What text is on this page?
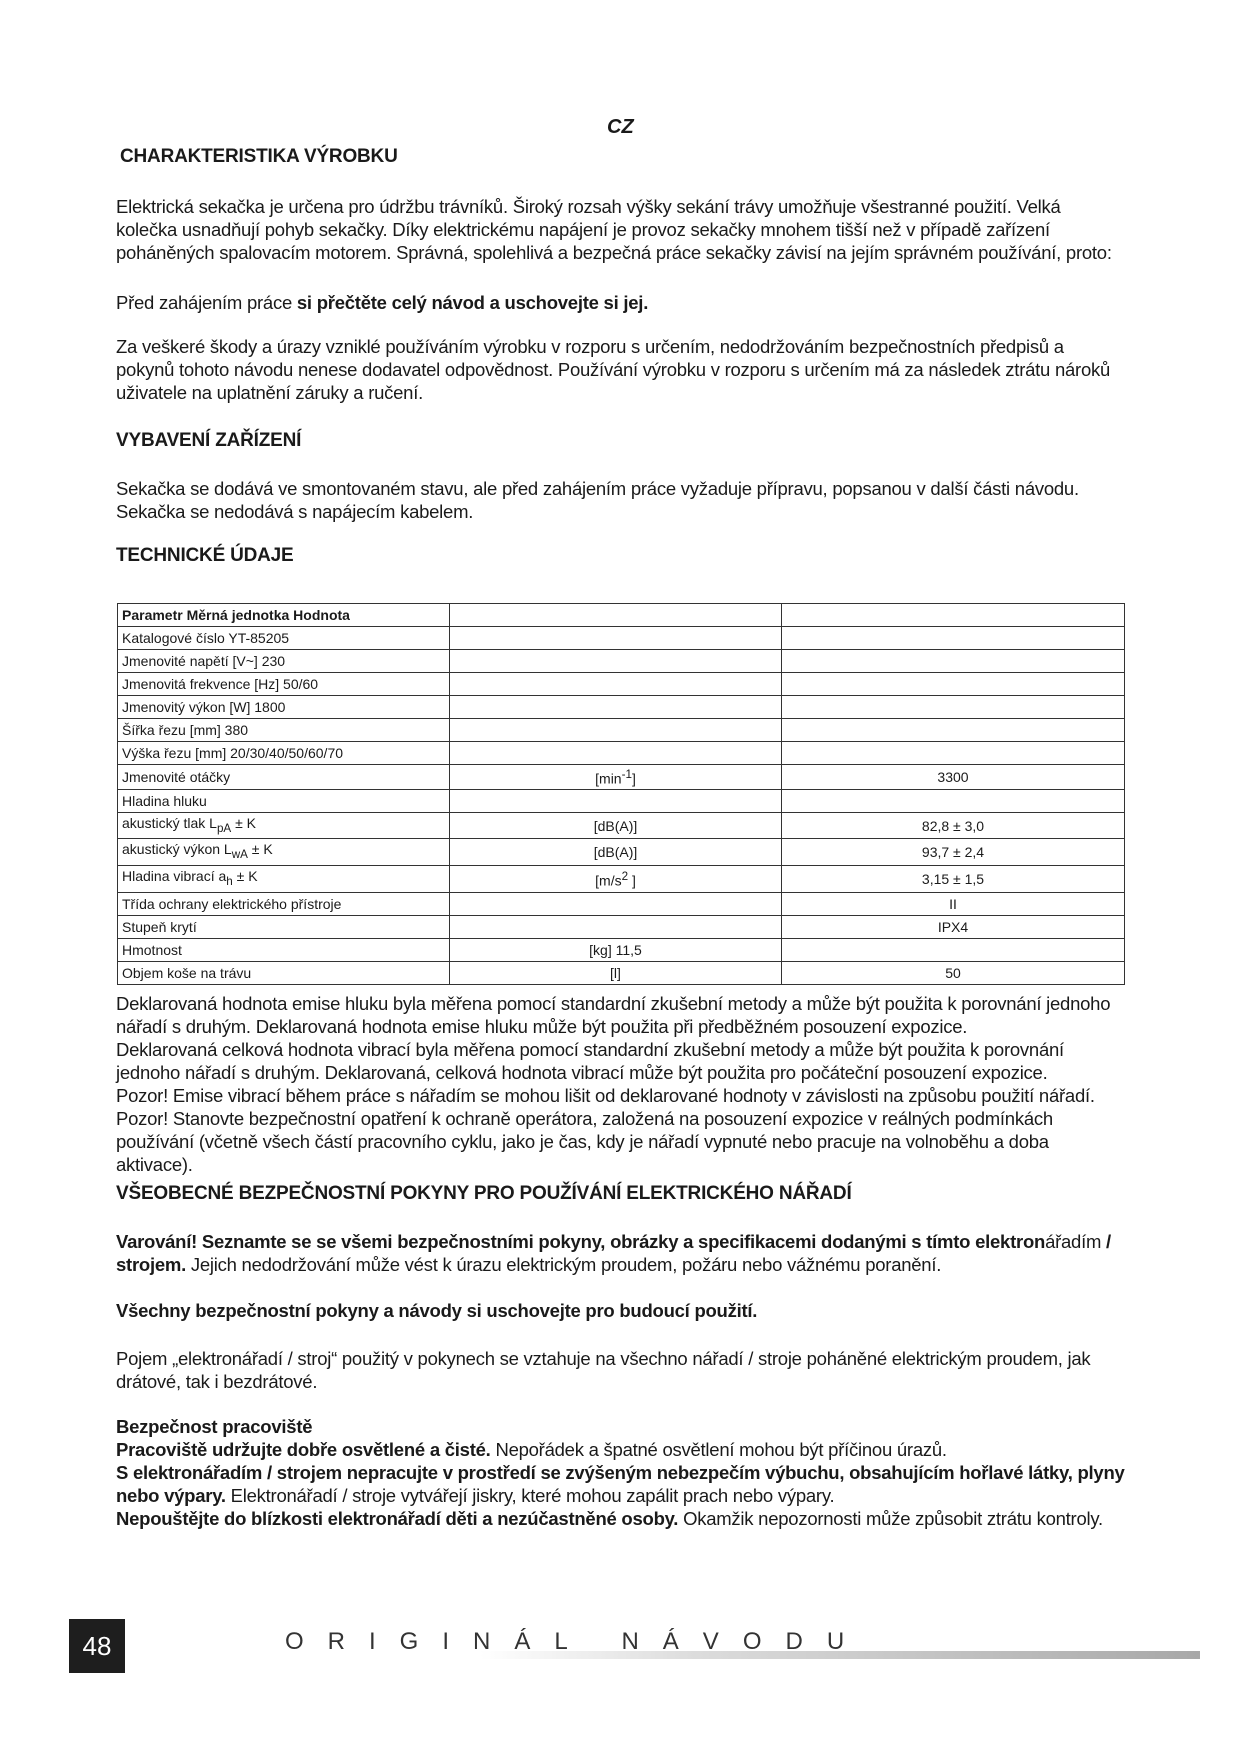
CZ
CHARAKTERISTIKA VÝROBKU
Elektrická sekačka je určena pro údržbu trávníků. Široký rozsah výšky sekání trávy umožňuje všestranné použití. Velká kolečka usnadňují pohyb sekačky. Díky elektrickému napájení je provoz sekačky mnohem tišší než v případě zařízení poháněných spalovacím motorem. Správná, spolehlivá a bezpečná práce sekačky závisí na jejím správném používání, proto:
Před zahájením práce si přečtěte celý návod a uschovejte si jej.
Za veškeré škody a úrazy vzniklé používáním výrobku v rozporu s určením, nedodržováním bezpečnostních předpisů a pokynů tohoto návodu nenese dodavatel odpovědnost. Používání výrobku v rozporu s určením má za následek ztrátu nároků uživatele na uplatnění záruky a ručení.
VYBAVENÍ ZAŘÍZENÍ
Sekačka se dodává ve smontovaném stavu, ale před zahájením práce vyžaduje přípravu, popsanou v další části návodu. Sekačka se nedodává s napájecím kabelem.
TECHNICKÉ ÚDAJE
Parametr Měrná jednotka Hodnota		
Katalogové číslo YT-85205		
Jmenovité napětí [V~] 230		
Jmenovitá frekvence [Hz] 50/60		
Jmenovitý výkon [W] 1800		
Šířka řezu [mm] 380		
Výška řezu [mm] 20/30/40/50/60/70		
Jmenovité otáčky	$[\min^{-1}]$	3300
Hladina hluku		
akustický tlak $L_{pA} \pm K$	[dB(A)]	82,8 ± 3,0
akustický výkon $L_{wA} \pm K$	[dB(A)]	93,7 ± 2,4
Hladina vibrací $a_h \pm K$	[$m/s^2$ ]	3,15 ± 1,5
Třída ochrany elektrického přístroje		II
Stupeň krytí		IPX4
Hmotnost	[kg] 11,5	
Objem koše na trávu	[l]	50

Deklarovaná hodnota emise hluku byla měřena pomocí standardní zkušební metody a může být použita k porovnání jednoho nářadí s druhým. Deklarovaná hodnota emise hluku může být použita při předběžném posouzení expozice.

Deklarovaná celková hodnota vibrací byla měřena pomocí standardní zkušební metody a může být použita k porovnání jednoho nářadí s druhým. Deklarovaná, celková hodnota vibrací může být použita pro počáteční posouzení expozice.

Pozor! Emise vibrací během práce s nářadím se mohou lišit od deklarované hodnoty v závislosti na způsobu použití nářadí.

Pozor! Stanovte bezpečnostní opatření k ochraně operátora, založená na posouzení expozice v reálných podmínkách používání (včetně všech částí pracovního cyklu, jako je čas, kdy je nářadí vypnuté nebo pracuje na volnoběhu a doba aktivace).

VŠEOBECNÉ BEZPEČNOSTNÍ POKYNY PRO POUŽÍVÁNÍ ELEKTRICKÉHO NÁŘADÍ
Varování! Seznamte se se všemi bezpečnostními pokyny, obrázky a specifikacemi dodanými s tímto elektronářadím / strojem. Jejich nedodržování může vést k úrazu elektrickým proudem, požáru nebo vážnému poranění.
Všechny bezpečnostní pokyny a návody si uschovejte pro budoucí použití.
Pojem „elektronářadí / stroj“ použitý v pokynech se vztahuje na všechno nářadí / stroje poháněné elektrickým proudem, jak drátové, tak i bezdrátové.

Bezpečnost pracoviště

Pracoviště udržujte dobře osvětlené a čisté. Nepořádek a špatné osvětlení mohou být příčinou úrazů.

S elektronářadím / strojem nepracujte v prostředí se zvýšeným nebezpečím výbuchu, obsahujícím hořlavé látky, plyny nebo výpary. Elektronářadí / stroje vytvářejí jiskry, které mohou zapálit prach nebo výpary.

Nepouštějte do blízkosti elektronářadí děti a nezúčastněné osoby. Okamžik nepozornosti může způsobit ztrátu kontroly.

48	ORIGINÁL NÁVODU
